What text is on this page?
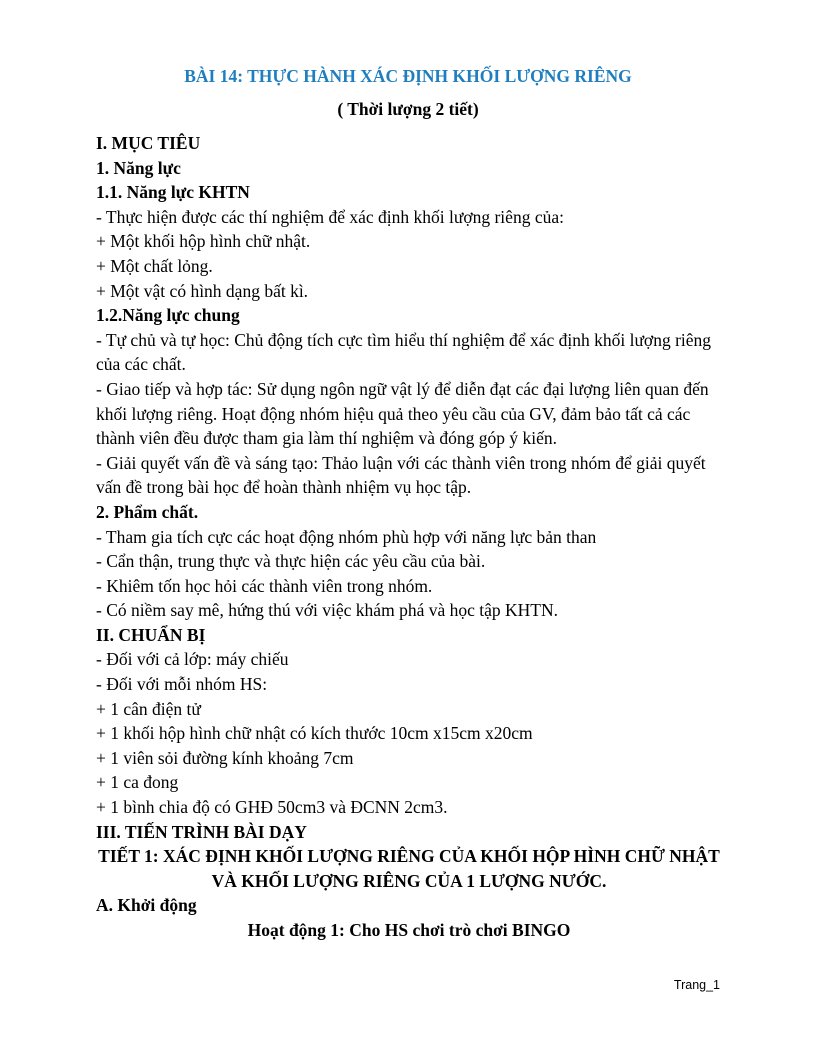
BÀI 14: THỰC HÀNH XÁC ĐỊNH KHỐI LƯỢNG RIÊNG
( Thời lượng 2 tiết)

I. MỤC TIÊU

1. Năng lực

1.1. Năng lực KHTN

- Thực hiện được các thí nghiệm để xác định khối lượng riêng của:

+ Một khối hộp hình chữ nhật.

+ Một chất lỏng.

+ Một vật có hình dạng bất kì.

1.2.Năng lực chung

- Tự chủ và tự học: Chủ động tích cực tìm hiểu thí nghiệm để xác định khối lượng riêng của các chất.

- Giao tiếp và hợp tác: Sử dụng ngôn ngữ vật lý để diễn đạt các đại lượng liên quan đến khối lượng riêng. Hoạt động nhóm hiệu quả theo yêu cầu của GV, đảm bảo tất cả các thành viên đều được tham gia làm thí nghiệm và đóng góp ý kiến.

- Giải quyết vấn đề và sáng tạo: Thảo luận với các thành viên trong nhóm để giải quyết vấn đề trong bài học để hoàn thành nhiệm vụ học tập.

2. Phẩm chất.

- Tham gia tích cực các hoạt động nhóm phù hợp với năng lực bản than

- Cẩn thận, trung thực và thực hiện các yêu cầu của bài.

- Khiêm tốn học hỏi các thành viên trong nhóm.

- Có niềm say mê, hứng thú với việc khám phá và học tập KHTN.

II. CHUẨN BỊ

- Đối với cả lớp: máy chiếu

- Đối với mỗi nhóm HS:

+ 1 cân điện tử

+ 1 khối hộp hình chữ nhật có kích thước 10cm x15cm x20cm

+ 1 viên sỏi đường kính khoảng 7cm

+ 1 ca đong

+ 1 bình chia độ có GHĐ 50cm3 và ĐCNN 2cm3.

III. TIẾN TRÌNH BÀI DẠY

TIẾT 1: XÁC ĐỊNH KHỐI LƯỢNG RIÊNG CỦA KHỐI HỘP HÌNH CHỮ NHẬT VÀ KHỐI LƯỢNG RIÊNG CỦA 1 LƯỢNG NƯỚC.

A. Khởi động

Hoạt động 1: Cho HS chơi trò chơi BINGO

Trang_1
